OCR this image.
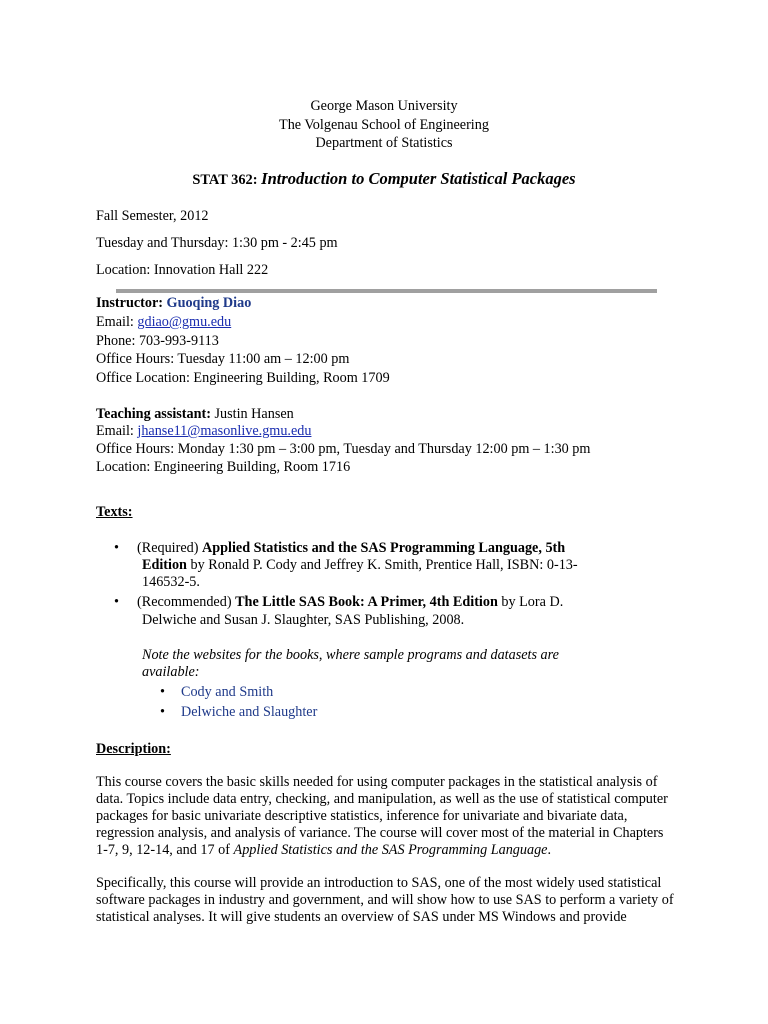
George Mason University
The Volgenau School of Engineering
Department of Statistics
STAT 362: Introduction to Computer Statistical Packages
Fall Semester, 2012
Tuesday and Thursday: 1:30 pm - 2:45 pm
Location: Innovation Hall 222
Instructor: Guoqing Diao
Email: gdiao@gmu.edu
Phone: 703-993-9113
Office Hours: Tuesday 11:00 am – 12:00 pm
Office Location: Engineering Building, Room 1709
Teaching assistant: Justin Hansen
Email: jhanse11@masonlive.gmu.edu
Office Hours: Monday 1:30 pm – 3:00 pm, Tuesday and Thursday 12:00 pm – 1:30 pm
Location: Engineering Building, Room 1716
Texts:
• (Required) Applied Statistics and the SAS Programming Language, 5th
Edition by Ronald P. Cody and Jeffrey K. Smith, Prentice Hall, ISBN: 0-13-
146532-5.
• (Recommended) The Little SAS Book: A Primer, 4th Edition by Lora D.
Delwiche and Susan J. Slaughter, SAS Publishing, 2008.
Note the websites for the books, where sample programs and datasets are
available:
• Cody and Smith
• Delwiche and Slaughter
Description:
This course covers the basic skills needed for using computer packages in the statistical analysis of
data. Topics include data entry, checking, and manipulation, as well as the use of statistical computer
packages for basic univariate descriptive statistics, inference for univariate and bivariate data,
regression analysis, and analysis of variance. The course will cover most of the material in Chapters
1-7, 9, 12-14, and 17 of Applied Statistics and the SAS Programming Language.
Specifically, this course will provide an introduction to SAS, one of the most widely used statistical
software packages in industry and government, and will show how to use SAS to perform a variety of
statistical analyses. It will give students an overview of SAS under MS Windows and provide
